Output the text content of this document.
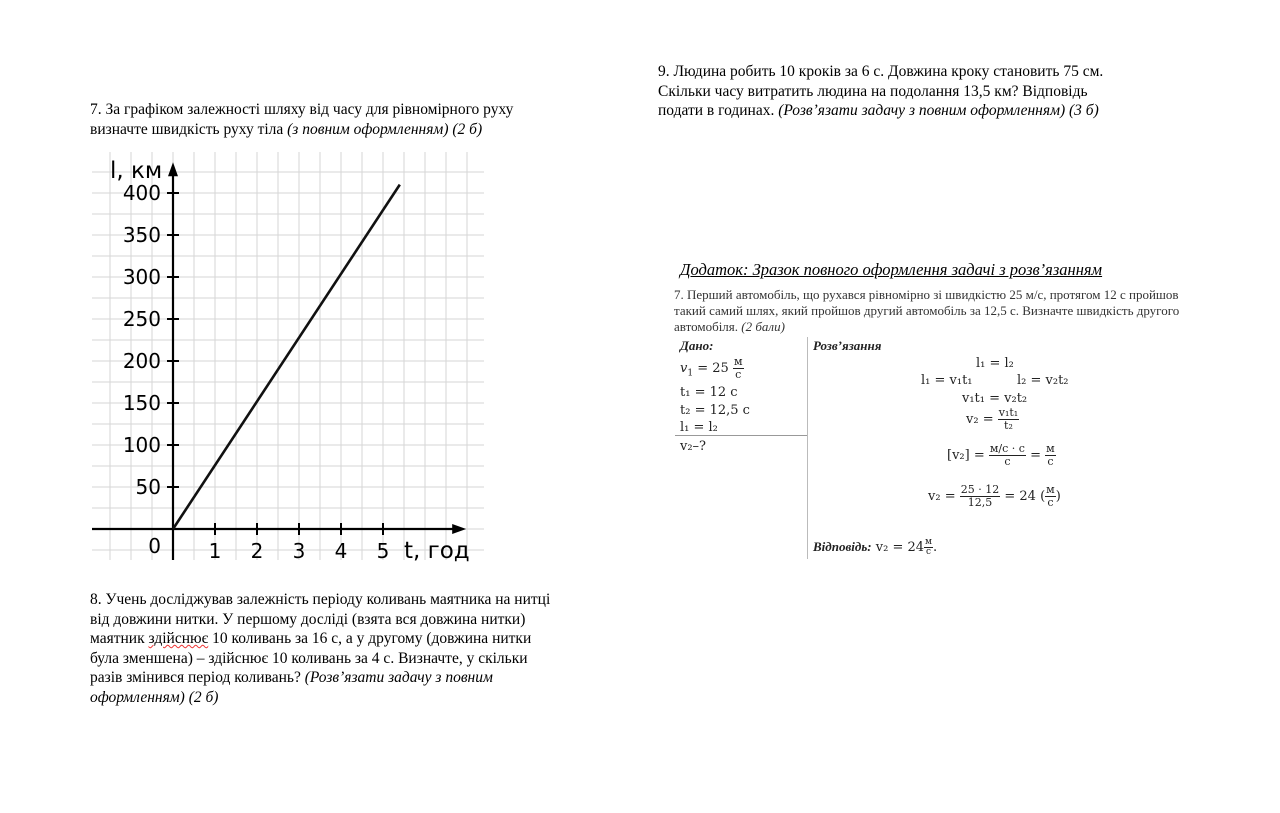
7. За графіком залежності шляху від часу для рівномірного руху
визначте швидкість руху тіла (з повним оформленням) (2 б)
50
100
150
200
250
300
350
400
0 1 2 3 4 5
l, км
t, год
8. Учень досліджував залежність періоду коливань маятника на нитці
від довжини нитки. У першому досліді (взята вся довжина нитки)
маятник здійснює 10 коливань за 16 с, а у другому (довжина нитки
була зменшена) – здійснює 10 коливань за 4 с. Визначте, у скільки
разів змінився період коливань? (Розв’язати задачу з повним
оформленням) (2 б)
9. Людина робить 10 кроків за 6 с. Довжина кроку становить 75 см.
Скільки часу витратить людина на подолання 13,5 км? Відповідь
подати в годинах. (Розв’язати задачу з повним оформленням) (3 б)
Додаток: Зразок повного оформлення задачі з розв’язанням
7. Перший автомобіль, що рухався рівномірно зі швидкістю 25 м/с, протягом 12 с пройшов
такий самий шлях, який пройшов другий автомобіль за 12,5 с. Визначте швидкість другого
автомобіля. (2 бали)
Дано:
$v_1 = 25 \frac{м}{с}$
t₁ = 12 с
t₂ = 12,5 с
l₁ = l₂
v₂–?
Розв’язання
l₁ = l₂
l₁ = v₁t₁	l₂ = v₂t₂
v₁t₁ = v₂t₂
$v_2 = \frac{\text{v₁t₁}}{\text{t₂}}$
$[v_2] = \frac{м/с \cdot с}{с} = \frac{м}{с}$
$v_2 = \frac{25 \cdot 12}{12,5} = 24$ ( $\frac{м}{с}$ )
Відповідь: $v_2 = 24 \frac{м}{с}$ .
